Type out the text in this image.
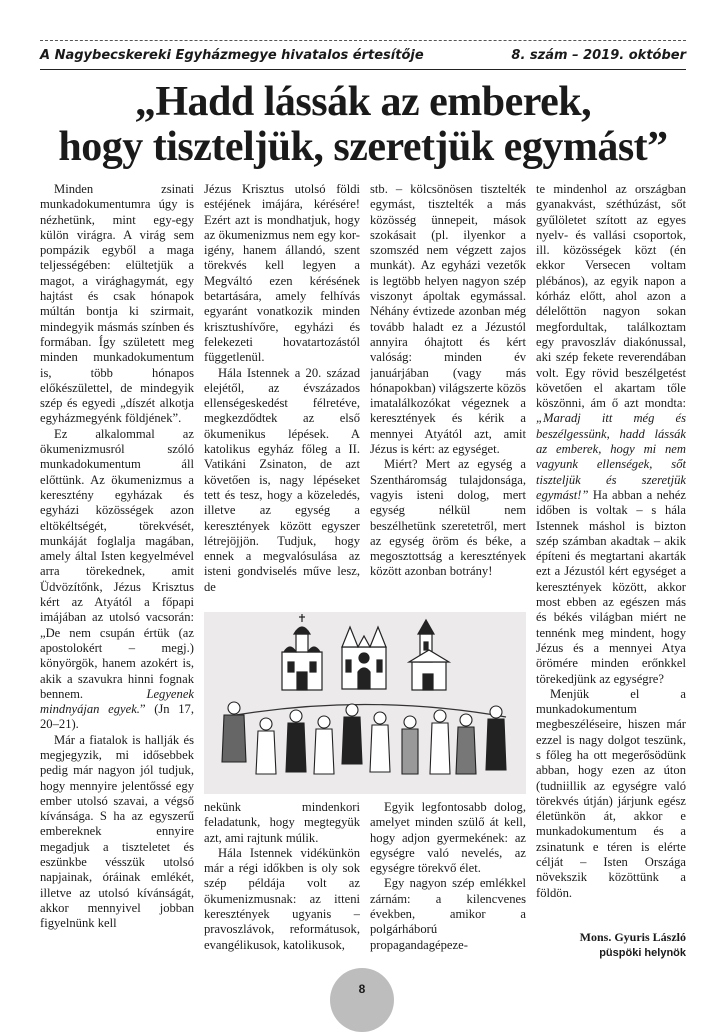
A Nagybecskereki Egyházmegye hivatalos értesítője	8. szám – 2019. október
„Hadd lássák az emberek,
hogy tiszteljük, szeretjük egymást”

Minden zsinati munkadokumentumra úgy is nézhetünk, mint egy-egy külön virágra. A virág sem pompázik egyből a maga teljességében: elültetjük a magot, a virághagymát, egy hajtást és csak hónapok múltán bontja ki szirmait, mindegyik másmás színben és formában. Így született meg minden munkadokumentum is, több hónapos előkészülettel, de mindegyik szép és egyedi „díszét alkotja egyházmegyénk földjének”.

Ez alkalommal az ökumenizmusról szóló munkadokumentum áll előttünk. Az ökumenizmus a keresztény egyházak és egyházi közösségek azon eltökéltségét, törekvését, munkáját foglalja magában, amely által Isten kegyelmével arra törekednek, amit Üdvözítőnk, Jézus Krisztus kért az Atyától a főpapi imájában az utolsó vacsorán: „De nem csupán értük (az apostolokért – megj.) könyörgök, hanem azokért is, akik a szavukra hinni fognak bennem. Legyenek mindnyájan egyek.” (Jn 17, 20–21).

Már a fiatalok is hallják és megjegyzik, mi idősebbek pedig már nagyon jól tudjuk, hogy mennyire jelentőssé egy ember utolsó szavai, a végső kívánsága. S ha az egyszerű embereknek ennyire megadjuk a tiszteletet és eszünkbe vésszük utolsó napjainak, óráinak emlékét, illetve az utolsó kívánságát, akkor mennyivel jobban figyelnünk kell

Jézus Krisztus utolsó földi estéjének imájára, kérésére! Ezért azt is mondhatjuk, hogy az ökumenizmus nem egy kor-igény, hanem állandó, szent törekvés kell legyen a Megváltó ezen kérésének betartására, amely felhívás egyaránt vonatkozik minden krisztushívőre, egyházi és felekezeti hovatartozástól függetlenül.

Hála Istennek a 20. század elejétől, az évszázados ellenségeskedést félretéve, megkezdődtek az első ökumenikus lépések. A katolikus egyház főleg a II. Vatikáni Zsinaton, de azt követően is, nagy lépéseket tett és tesz, hogy a közeledés, illetve az egység a keresztények között egyszer létrejöjjön. Tudjuk, hogy ennek a megvalósulása az isteni gondviselés műve lesz, de

stb. – kölcsönösen tisztelték egymást, tisztelték a más közösség ünnepeit, mások szokásait (pl. ilyenkor a szomszéd nem végzett zajos munkát). Az egyházi vezetők is legtöbb helyen nagyon szép viszonyt ápoltak egymással. Néhány évtizede azonban még tovább haladt ez a Jézustól annyira óhajtott és kért valóság: minden év januárjában (vagy más hónapokban) világszerte közös imatalálkozókat végeznek a keresztények és kérik a mennyei Atyától azt, amit Jézus is kért: az egységet.

Miért? Mert az egység a Szentháromság tulajdonsága, vagyis isteni dolog, mert egység nélkül nem beszélhetünk szeretetről, mert az egység öröm és béke, a megosztottság a keresztények között azonban botrány!

te mindenhol az országban gyanakvást, széthúzást, sőt gyűlöletet szított az egyes nyelv- és vallási csoportok, ill. közösségek közt (én ekkor Versecen voltam plébános), az egyik napon a kórház előtt, ahol azon a délelőttön nagyon sokan megfordultak, találkoztam egy pravoszláv diakónussal, aki szép fekete reverendában volt. Egy rövid beszélgetést követően el akartam tőle köszönni, ám ő azt mondta: „Maradj itt még és beszélgessünk, hadd lássák az emberek, hogy mi nem vagyunk ellenségek, sőt tiszteljük és szeretjük egymást!” Ha abban a nehéz időben is voltak – s hála Istennek máshol is bizton szép számban akadtak – akik építeni és megtartani akarták ezt a Jézustól kért egységet a keresztények között, akkor most ebben az egészen más és békés világban miért ne tennénk meg mindent, hogy Jézus és a mennyei Atya örömére minden erőnkkel törekedjünk az egységre?

Menjük el a munkadokumentum megbeszéléseire, hiszen már ezzel is nagy dolgot teszünk, s főleg ha ott megerősödünk abban, hogy ezen az úton (tudniillik az egységre való törekvés útján) járjunk egész életünkön át, akkor e munkadokumentum és a zsinatunk e téren is elérte célját – Isten Országa növekszik közöttünk a földön.

nekünk mindenkori feladatunk, hogy megtegyük azt, ami rajtunk múlik.

Hála Istennek vidékünkön már a régi időkben is oly sok szép példája volt az ökumenizmusnak: az itteni keresztények ugyanis – pravoszlávok, reformátusok, evangélikusok, katolikusok,

Egyik legfontosabb dolog, amelyet minden szülő át kell, hogy adjon gyermekének: az egységre való nevelés, az egységre törekvő élet.

Egy nagyon szép emlékkel zárnám: a kilencvenes években, amikor a polgárháború propagandagépeze-

Mons. Gyuris László
püspöki helynök
8
